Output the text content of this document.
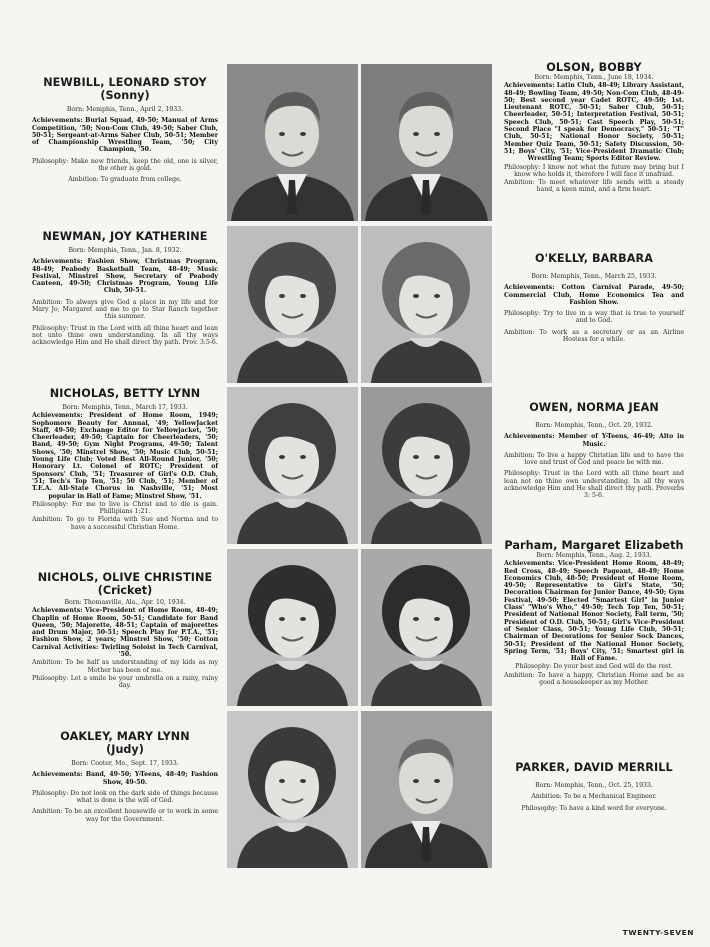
NEWBILL, LEONARD STOY
(Sonny)

Born: Memphis, Tenn., April 2, 1933.

Achievements: Burial Squad, 49-50; Manual of Arms Competition, '50; Non-Com Club, 49-50; Saber Club, 50-51; Sergeant-at-Arms Saber Club, 50-51; Member of Championship Wrestling Team, '50; City Champion, '50.

Philosophy: Make new friends, keep the old, one is silver, the other is gold.

Ambition: To graduate from college.

NEWMAN, JOY KATHERINE

Born: Memphis, Tenn., Jan. 8, 1932.

Achievements: Fashion Show, Christmas Program, 48-49; Peabody Basketball Team, 48-49; Music Festival, Minstrel Show, Secretary of Peabody Canteen, 49-50; Christmas Program, Young Life Club, 50-51.

Ambition: To always give God a place in my life and for Mary Jo, Margaret and me to go to Star Ranch together this summer.

Philosophy: Trust in the Lord with all thine heart and lean not unto thine own understanding. In all thy ways acknowledge Him and He shall direct thy path. Prov. 3:5-6.

NICHOLAS, BETTY LYNN

Born: Memphis, Tenn., March 17, 1933.

Achievements: President of Home Room, 1949; Sophomore Beauty for Annual, '49; YellowJacket Staff, 49-50; Exchange Editor for Yellowjacket, '50; Cheerleader, 49-50; Captain for Cheerleaders, '50; Band, 49-50; Gym Night Programs, 49-50; Talent Shows, '50; Minstrel Show, '50; Music Club, 50-51; Young Life Club; Voted Best All-Round Junior, '50; Honorary Lt. Colonel of ROTC; President of Sponsors' Club, '51; Treasurer of Girl's O.D. Club, '51; Tech's Top Ten, '51; 50 Club, '51; Member of T.E.A. All-State Chorus in Nashville, '51; Most popular in Hall of Fame; Minstrel Show, '51.

Philosophy: For me to live is Christ and to die is gain. Phillipians 1:21.

Ambition: To go to Florida with Sue and Norma and to have a successful Christian Home.

NICHOLS, OLIVE CHRISTINE
(Cricket)

Born: Thomasville, Ala., Apr. 10, 1934.

Achievements: Vice-President of Home Room, 48-49; Chaplin of Home Room, 50-51; Candidate for Band Queen, '50; Majorette, 48-51; Captain of majorettes and Drum Major, 50-51; Speech Play for P.T.A., '51; Fashion Show, 2 years; Minstrel Show, '50; Cotton Carnival Activities: Twirling Soloist in Tech Carnival, '50.

Ambition: To be half as understanding of my kids as my Mother has been of me.

Philosophy: Let a smile be your umbrella on a rainy, rainy day.

OAKLEY, MARY LYNN
(Judy)

Born: Cooter, Mo., Sept. 17, 1933.

Achievements: Band, 49-50; Y-Teens, 48-49; Fashion Show, 49-50.

Philosophy: Do not look on the dark side of things because what is done is the will of God.

Ambition: To be an excellent housewife or to work in some way for the Government.

OLSON, BOBBY

Born: Memphis, Tenn., June 18, 1934.

Achievements: Latin Club, 48-49; Library Assistant, 48-49; Bowling Team, 49-50; Non-Com Club, 48-49-50; Best second year Cadet ROTC, 49-50; 1st. Lieutenant ROTC, 50-51; Saber Club, 50-51; Cheerleader, 50-51; Interpretation Festival, 50-51; Speech Club, 50-51; Cast Speech Play, 50-51; Second Place "I speak for Democracy," 50-51; "T" Club, 50-51; National Honor Society, 50-51; Member Quiz Team, 50-51; Safety Discussion, 50-51; Boys' City, '51; Vice-President Dramatic Club; Wrestling Team; Sports Editor Review.

Philosophy: I know not what the future may bring but I know who holds it, therefore I will face it unafraid.

Ambition: To meet whatever life sends with a steady hand, a keen mind, and a firm heart.

O'KELLY, BARBARA

Born: Memphis, Tenn., March 25, 1933.

Achievements: Cotton Carnival Parade, 49-50; Commercial Club, Home Economics Tea and Fashion Show.

Philosophy: Try to live in a way that is true to yourself and to God.

Ambition: To work as a secretary or as an Airline Hostess for a while.

OWEN, NORMA JEAN

Born: Memphis, Tenn., Oct. 29, 1932.

Achievements: Member of Y-Teens, 46-49; Alto in Music.

Ambition: To live a happy Christian life and to have the love and trust of God and peace be with me.

Philosophy: Trust in the Lord with all thine heart and lean not on thine own understanding. In all thy ways acknowledge Him and He shall direct thy path. Proverbs 3: 5-6.

Parham, Margaret Elizabeth

Born: Memphis, Tenn., Aug. 2, 1933.

Achievements: Vice-President Home Room, 48-49; Red Cross, 48-49; Speech Pageant, 48-49; Home Economics Club, 48-50; President of Home Room, 49-50; Representative to Girl's State, '50; Decoration Chairman for Junior Dance, 49-50; Gym Festival, 49-50; Elected "Smartest Girl" in Junior Class' "Who's Who," 49-50; Tech Top Ten, 50-51; President of National Honor Society, Fall term, '50; President of O.D. Club, 50-51; Girl's Vice-President of Senior Class, 50-51; Young Life Club, 50-51; Chairman of Decorations for Senior Sock Dances, 50-51; President of the National Honor Society, Spring Term, '51; Boys' City, '51; Smartest girl in Hall of Fame.

Philosophy: Do your best and God will do the rest.

Ambition: To have a happy, Christian Home and be as good a housekeeper as my Mother.

PARKER, DAVID MERRILL

Born: Memphis, Tenn., Oct. 25, 1933.

Ambition: To be a Mechanical Engineer.

Philosophy: To have a kind word for everyone.

TWENTY-SEVEN
